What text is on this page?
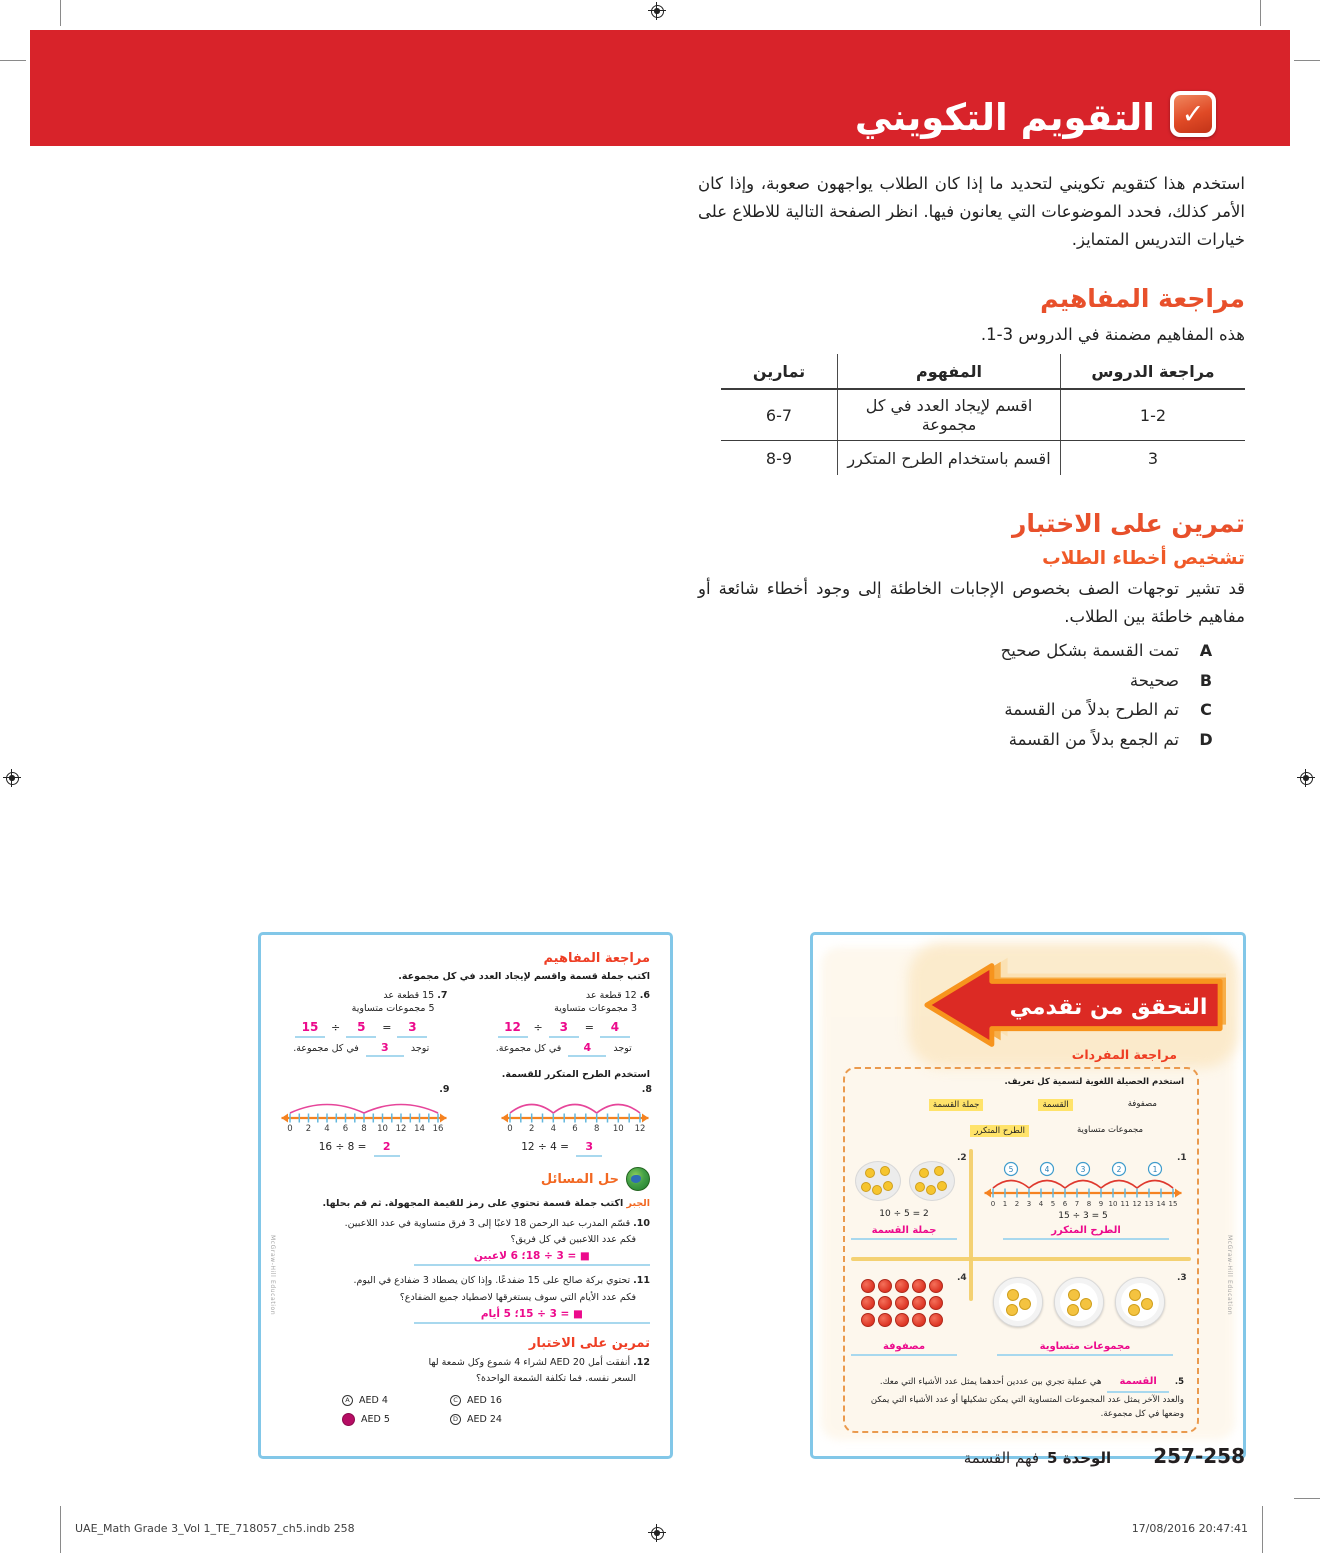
التقويم التكويني ✓
استخدم هذا كتقويم تكويني لتحديد ما إذا كان الطلاب يواجهون صعوبة، وإذا كان الأمر كذلك، فحدد الموضوعات التي يعانون فيها. انظر الصفحة التالية للاطلاع على خيارات التدريس المتمايز.
مراجعة المفاهيم
هذه المفاهيم مضمنة في الدروس 3-1.
مراجعة الدروس	المفهوم	تمارين
1-2	اقسم لإيجاد العدد في كل مجموعة	6-7
3	اقسم باستخدام الطرح المتكرر	8-9
تمرين على الاختبار
تشخيص أخطاء الطلاب
قد تشير توجهات الصف بخصوص الإجابات الخاطئة إلى وجود أخطاء شائعة أو مفاهيم خاطئة بين الطلاب.
A
تمت القسمة بشكل صحيح
B
صحيحة
C
تم الطرح بدلاً من القسمة
D
تم الجمع بدلاً من القسمة
مراجعة المفاهيم
اكتب جملة قسمة واقسم لإيجاد العدد في كل مجموعة.
6. 12 قطعة عد
3 مجموعات متساوية
12 ÷ 3 = 4
توجد 4 في كل مجموعة.
7. 15 قطعة عد
5 مجموعات متساوية
15 ÷ 5 = 3
توجد 3 في كل مجموعة.
استخدم الطرح المتكرر للقسمة.
8.
0 2 4 6 8 10 12
12 ÷ 4 = 3
9.
0 2 4 6 8 10 12 14 16
16 ÷ 8 = 2
حل المسائل
الجبر اكتب جملة قسمة تحتوي على رمز للقيمة المجهولة. ثم قم بحلها.
10. قسّم المدرب عبد الرحمن 18 لاعبًا إلى 3 فرق متساوية في عدد اللاعبين.
فكم عدد اللاعبين في كل فريق؟
■ = 3 ÷ 18؛ 6 لاعبين
11. تحتوي بركة صالح على 15 ضفدعًا. وإذا كان يصطاد 3 ضفادع في اليوم.
فكم عدد الأيام التي سوف يستغرقها لاصطياد جميع الضفادع؟
■ = 3 ÷ 15؛ 5 أيام
تمرين على الاختبار
12. أنفقت أمل AED 20 لشراء 4 شموع وكل شمعة لها
السعر نفسه. فما تكلفة الشمعة الواحدة؟
A AED 4	C AED 16
AED 5	D AED 24
McGraw-Hill Education
التحقق من تقدمي
مراجعة المفردات
استخدم الحصيلة اللغوية لتسمية كل تعريف.
مصفوفة
القسمة
جملة القسمة
مجموعات متساوية
الطرح المتكرر
1.
0 1 2 3 4 5 6 7 8 9 10 11 12 13 14 15
1
2
3
4
5
15 ÷ 3 = 5
الطرح المتكرر
2.
10 ÷ 5 = 2
جملة القسمة
3.
مجموعات متساوية
4.
مصفوفة
5. القسمة هي عملية تجري بين عددين أحدهما يمثل عدد الأشياء التي معك. والعدد الآخر يمثل عدد المجموعات المتساوية التي يمكن تشكيلها أو عدد الأشياء التي يمكن وضعها في كل مجموعة.
McGraw-Hill Education
257-258
الوحدة 5
فهم القسمة
UAE_Math Grade 3_Vol 1_TE_718057_ch5.indb 258	17/08/2016 20:47:41
